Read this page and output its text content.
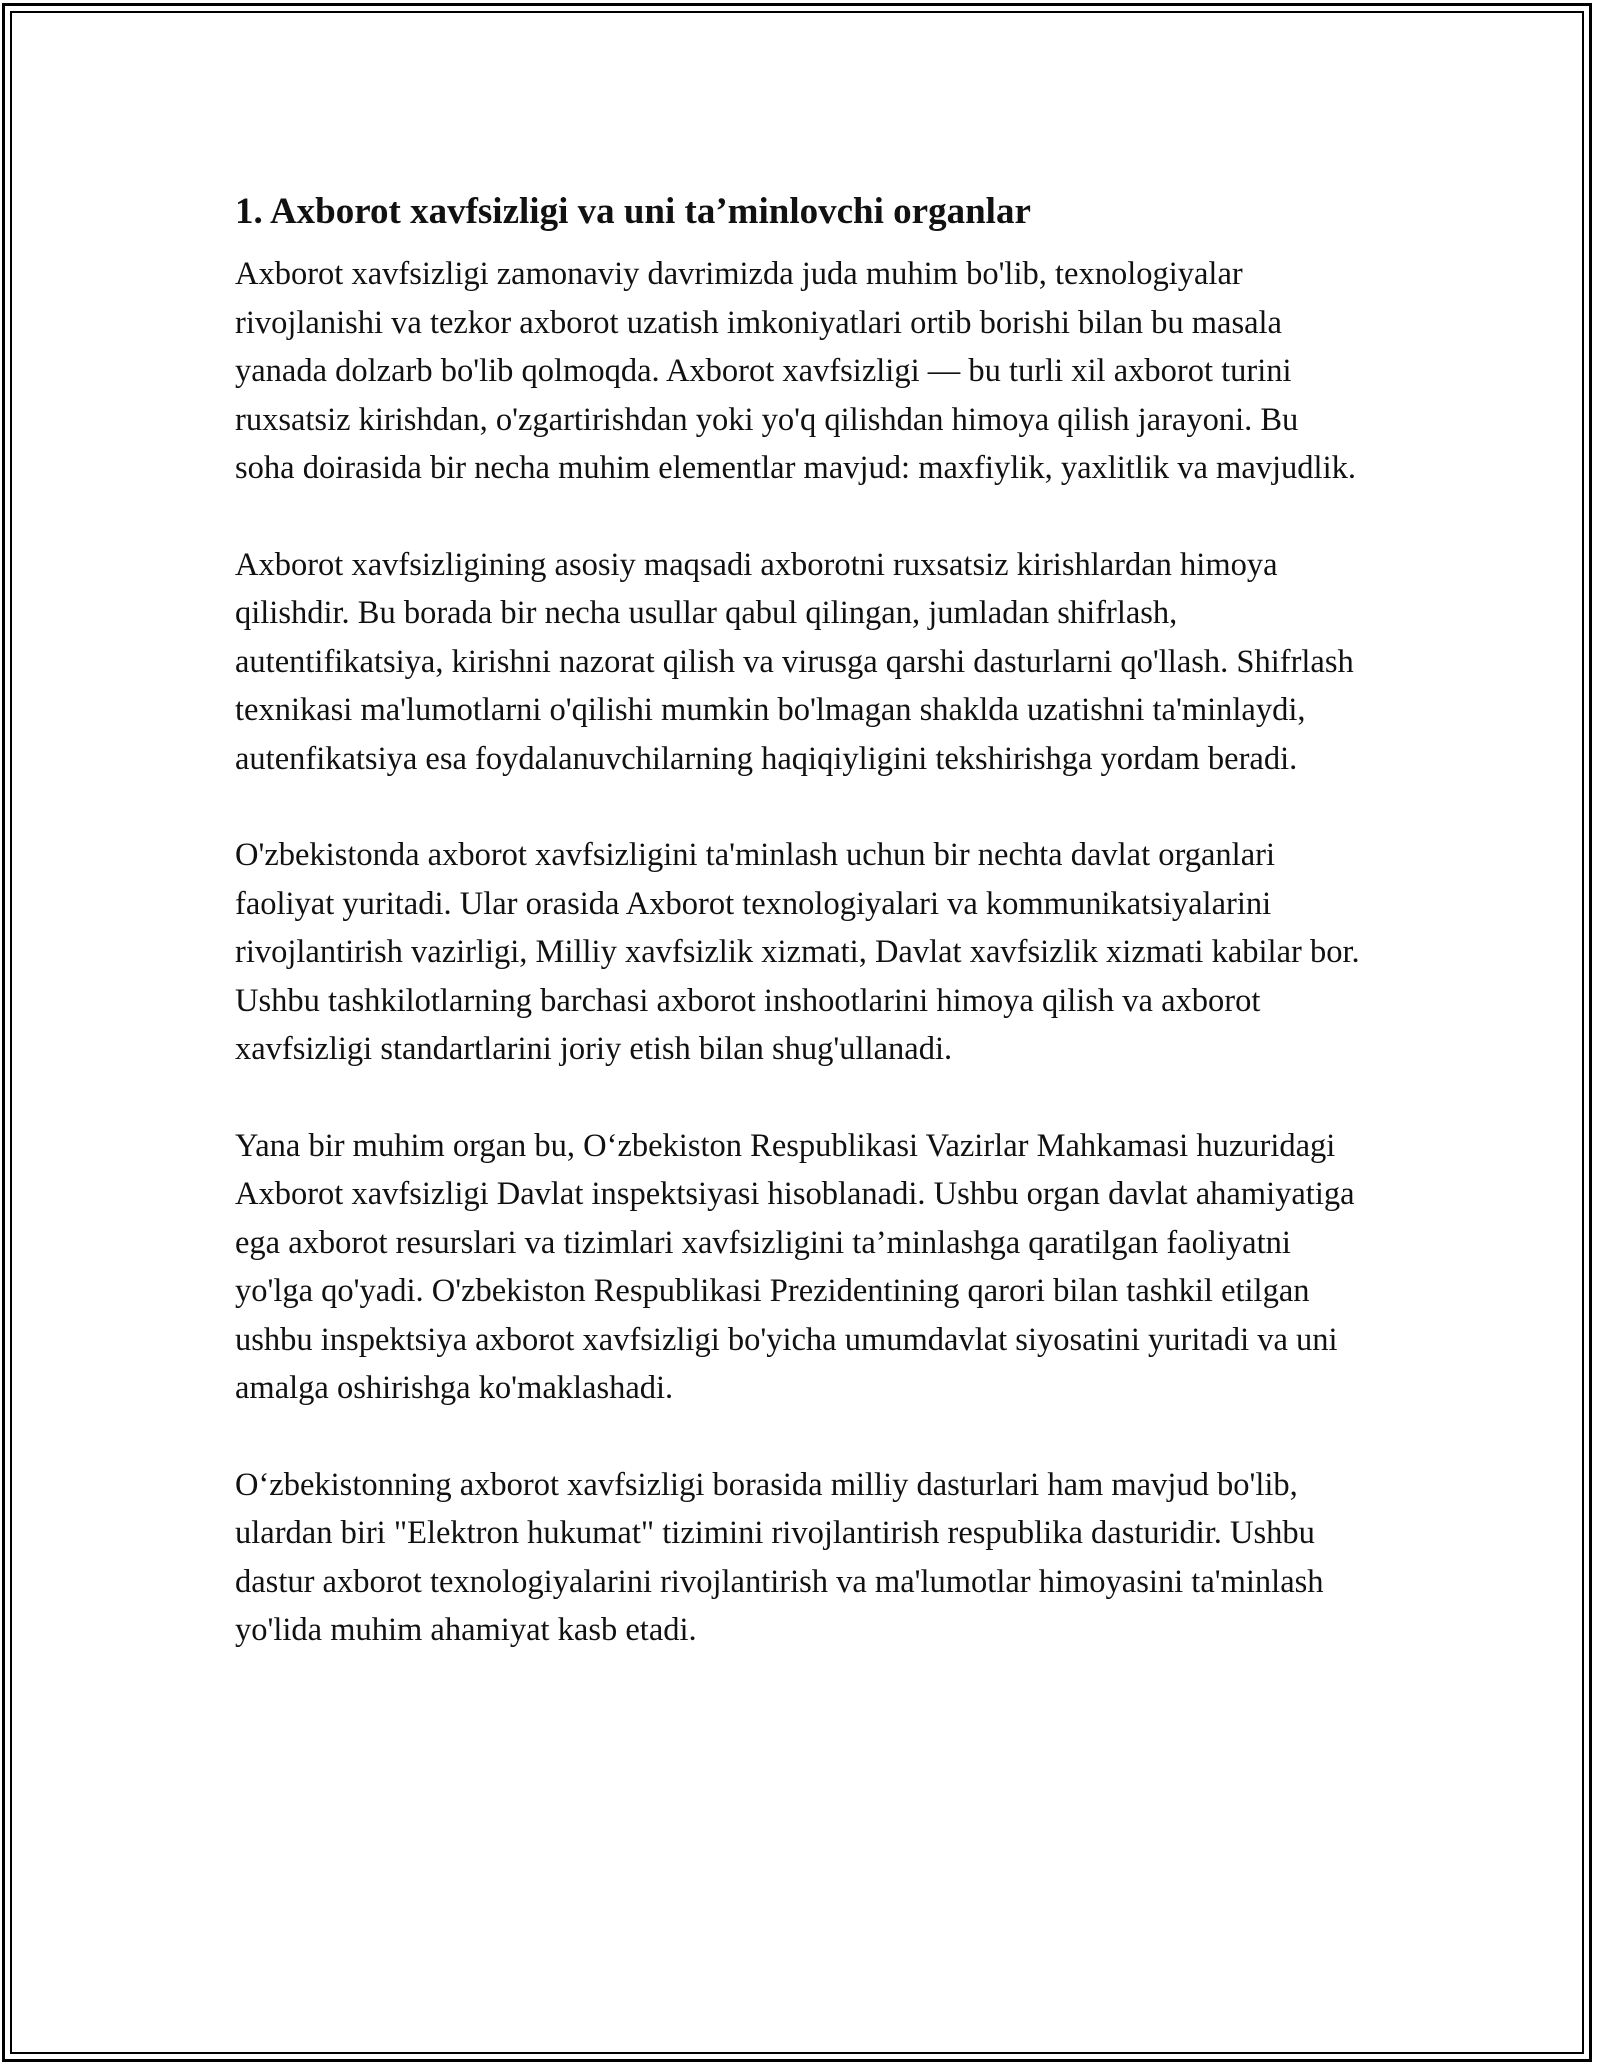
1. Axborot xavfsizligi va uni ta’minlovchi organlar

Axborot xavfsizligi zamonaviy davrimizda juda muhim bo'lib, texnologiyalar rivojlanishi va tezkor axborot uzatish imkoniyatlari ortib borishi bilan bu masala yanada dolzarb bo'lib qolmoqda. Axborot xavfsizligi — bu turli xil axborot turini ruxsatsiz kirishdan, o'zgartirishdan yoki yo'q qilishdan himoya qilish jarayoni. Bu soha doirasida bir necha muhim elementlar mavjud: maxfiylik, yaxlitlik va mavjudlik.

Axborot xavfsizligining asosiy maqsadi axborotni ruxsatsiz kirishlardan himoya qilishdir. Bu borada bir necha usullar qabul qilingan, jumladan shifrlash, autentifikatsiya, kirishni nazorat qilish va virusga qarshi dasturlarni qo'llash. Shifrlash texnikasi ma'lumotlarni o'qilishi mumkin bo'lmagan shaklda uzatishni ta'minlaydi, autenfikatsiya esa foydalanuvchilarning haqiqiyligini tekshirishga yordam beradi.

O'zbekistonda axborot xavfsizligini ta'minlash uchun bir nechta davlat organlari faoliyat yuritadi. Ular orasida Axborot texnologiyalari va kommunikatsiyalarini rivojlantirish vazirligi, Milliy xavfsizlik xizmati, Davlat xavfsizlik xizmati kabilar bor. Ushbu tashkilotlarning barchasi axborot inshootlarini himoya qilish va axborot xavfsizligi standartlarini joriy etish bilan shug'ullanadi.

Yana bir muhim organ bu, O‘zbekiston Respublikasi Vazirlar Mahkamasi huzuridagi Axborot xavfsizligi Davlat inspektsiyasi hisoblanadi. Ushbu organ davlat ahamiyatiga ega axborot resurslari va tizimlari xavfsizligini ta’minlashga qaratilgan faoliyatni yo'lga qo'yadi. O'zbekiston Respublikasi Prezidentining qarori bilan tashkil etilgan ushbu inspektsiya axborot xavfsizligi bo'yicha umumdavlat siyosatini yuritadi va uni amalga oshirishga ko'maklashadi.

O‘zbekistonning axborot xavfsizligi borasida milliy dasturlari ham mavjud bo'lib, ulardan biri "Elektron hukumat" tizimini rivojlantirish respublika dasturidir. Ushbu dastur axborot texnologiyalarini rivojlantirish va ma'lumotlar himoyasini ta'minlash yo'lida muhim ahamiyat kasb etadi.
